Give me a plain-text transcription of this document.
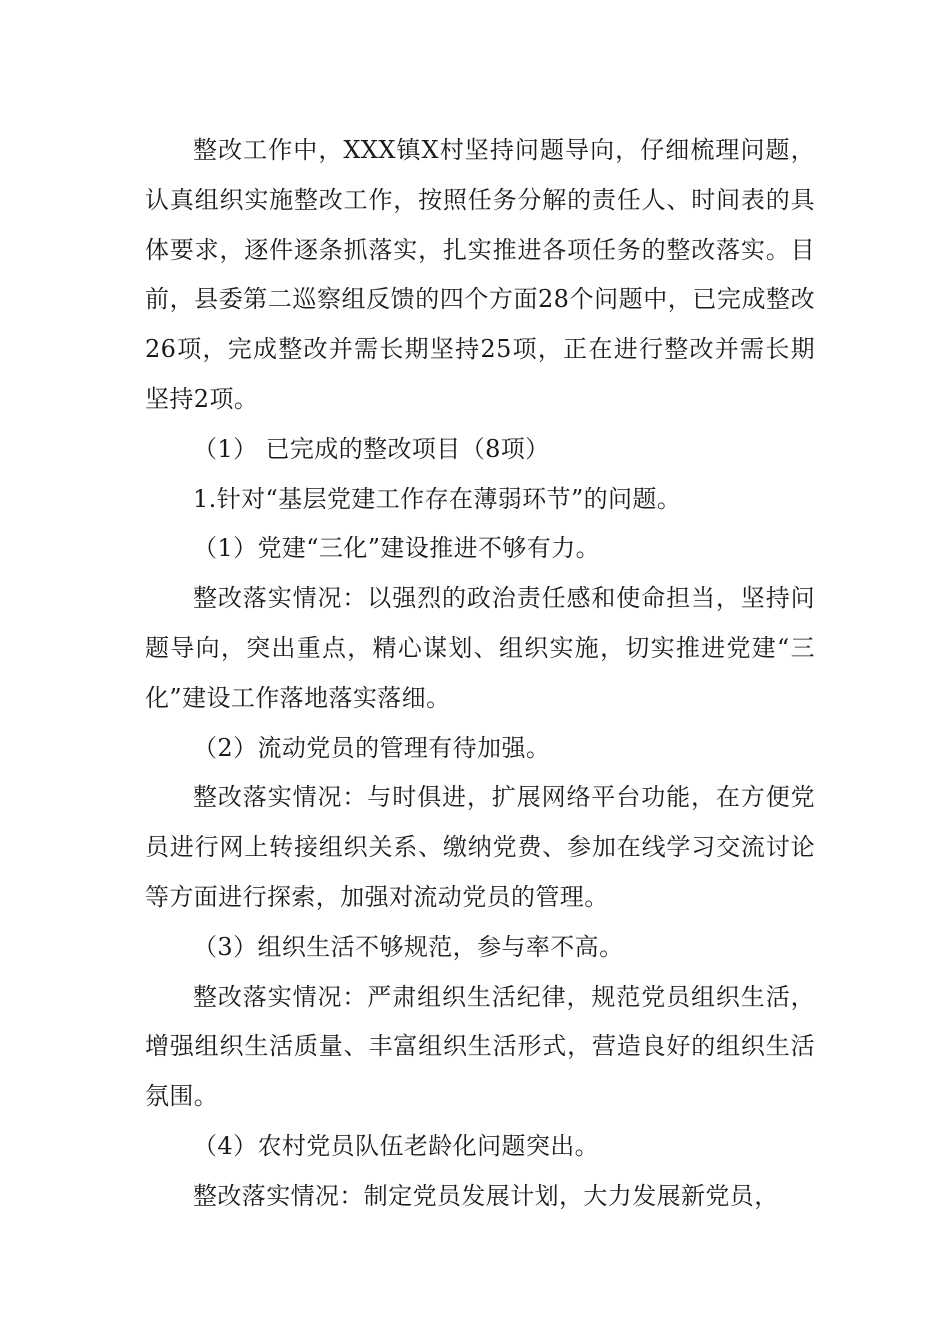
整改工作中，XXX镇X村坚持问题导向，仔细梳理问题，认真组织实施整改工作，按照任务分解的责任人、时间表的具体要求，逐件逐条抓落实，扎实推进各项任务的整改落实。目前，县委第二巡察组反馈的四个方面28个问题中，已完成整改26项，完成整改并需长期坚持25项，正在进行整改并需长期坚持2项。

（1） 已完成的整改项目（8项）

1.针对“基层党建工作存在薄弱环节”的问题。

（1）党建“三化”建设推进不够有力。

整改落实情况：以强烈的政治责任感和使命担当，坚持问题导向，突出重点，精心谋划、组织实施，切实推进党建“三化”建设工作落地落实落细。

（2）流动党员的管理有待加强。

整改落实情况：与时俱进，扩展网络平台功能，在方便党员进行网上转接组织关系、缴纳党费、参加在线学习交流讨论等方面进行探索，加强对流动党员的管理。

（3）组织生活不够规范，参与率不高。

整改落实情况：严肃组织生活纪律，规范党员组织生活，增强组织生活质量、丰富组织生活形式，营造良好的组织生活氛围。

（4）农村党员队伍老龄化问题突出。

整改落实情况：制定党员发展计划，大力发展新党员，
